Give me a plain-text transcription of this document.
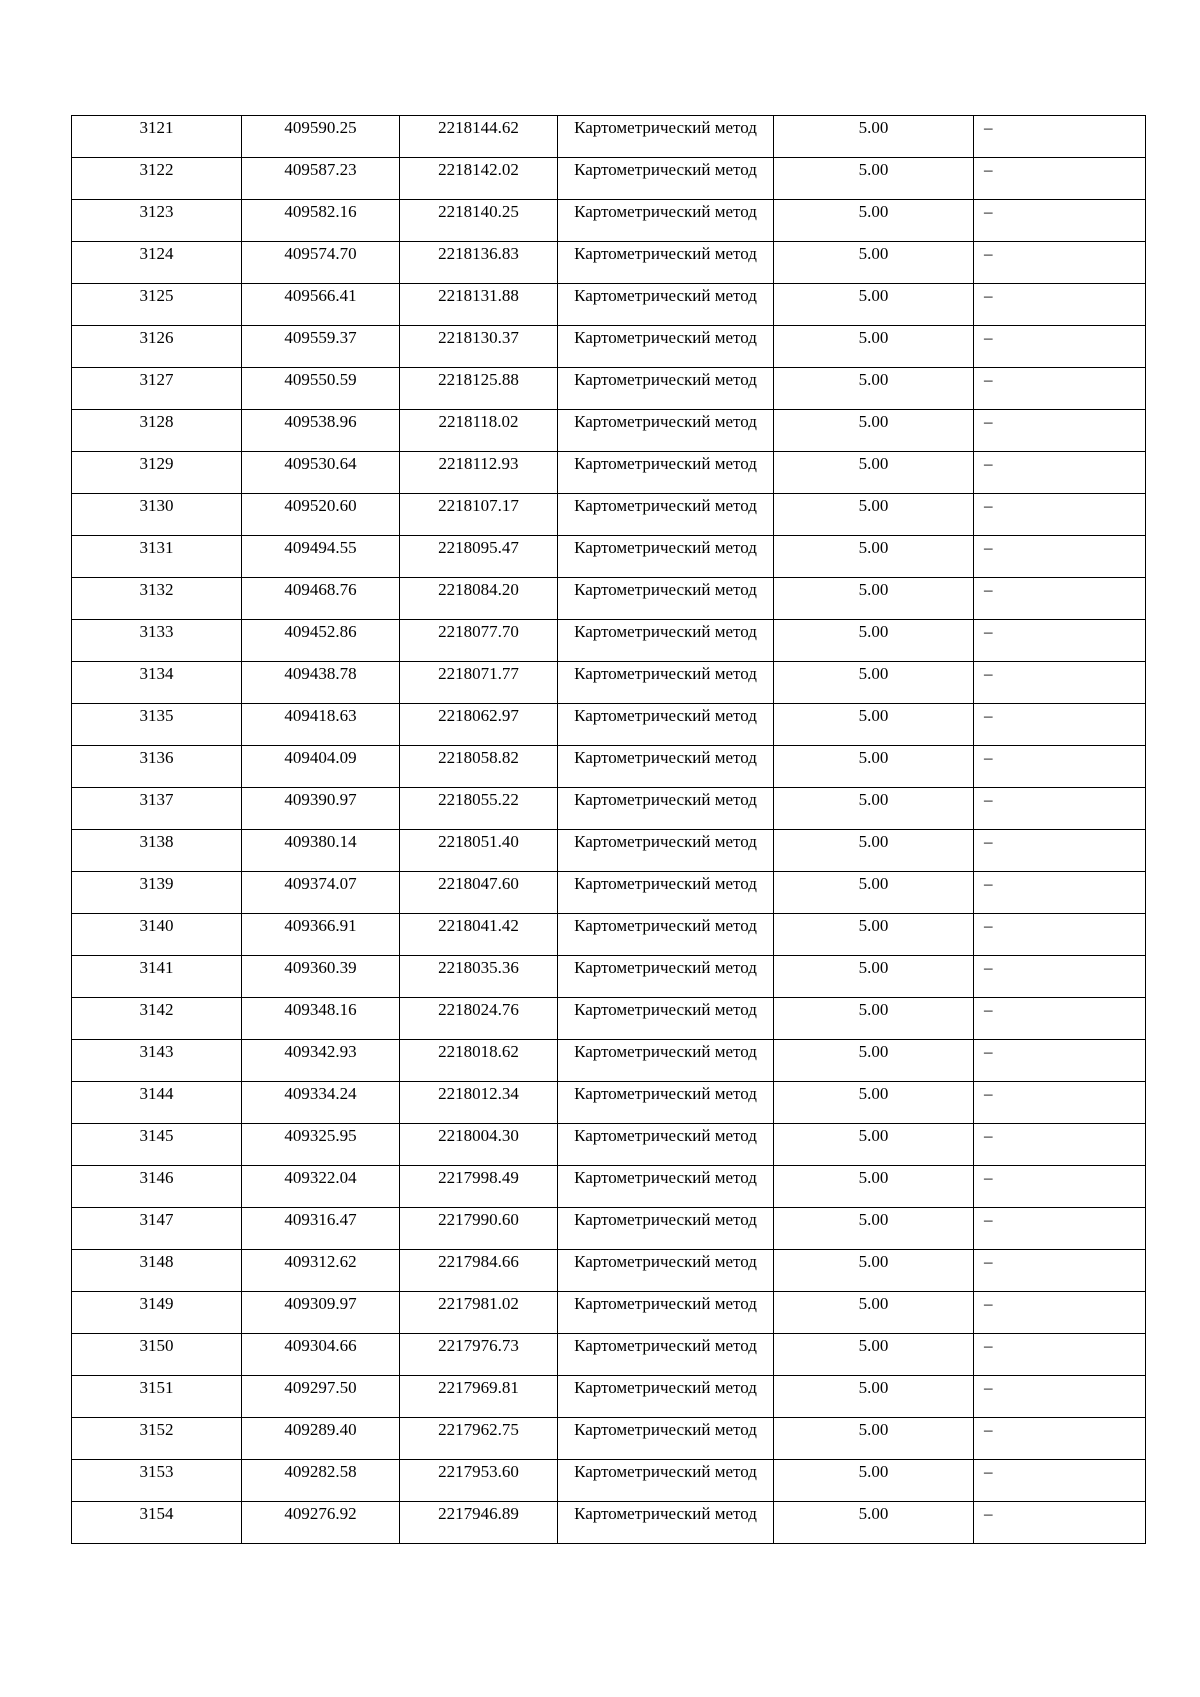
3121	409590.25	2218144.62	Картометрический метод	5.00	–
3122	409587.23	2218142.02	Картометрический метод	5.00	–
3123	409582.16	2218140.25	Картометрический метод	5.00	–
3124	409574.70	2218136.83	Картометрический метод	5.00	–
3125	409566.41	2218131.88	Картометрический метод	5.00	–
3126	409559.37	2218130.37	Картометрический метод	5.00	–
3127	409550.59	2218125.88	Картометрический метод	5.00	–
3128	409538.96	2218118.02	Картометрический метод	5.00	–
3129	409530.64	2218112.93	Картометрический метод	5.00	–
3130	409520.60	2218107.17	Картометрический метод	5.00	–
3131	409494.55	2218095.47	Картометрический метод	5.00	–
3132	409468.76	2218084.20	Картометрический метод	5.00	–
3133	409452.86	2218077.70	Картометрический метод	5.00	–
3134	409438.78	2218071.77	Картометрический метод	5.00	–
3135	409418.63	2218062.97	Картометрический метод	5.00	–
3136	409404.09	2218058.82	Картометрический метод	5.00	–
3137	409390.97	2218055.22	Картометрический метод	5.00	–
3138	409380.14	2218051.40	Картометрический метод	5.00	–
3139	409374.07	2218047.60	Картометрический метод	5.00	–
3140	409366.91	2218041.42	Картометрический метод	5.00	–
3141	409360.39	2218035.36	Картометрический метод	5.00	–
3142	409348.16	2218024.76	Картометрический метод	5.00	–
3143	409342.93	2218018.62	Картометрический метод	5.00	–
3144	409334.24	2218012.34	Картометрический метод	5.00	–
3145	409325.95	2218004.30	Картометрический метод	5.00	–
3146	409322.04	2217998.49	Картометрический метод	5.00	–
3147	409316.47	2217990.60	Картометрический метод	5.00	–
3148	409312.62	2217984.66	Картометрический метод	5.00	–
3149	409309.97	2217981.02	Картометрический метод	5.00	–
3150	409304.66	2217976.73	Картометрический метод	5.00	–
3151	409297.50	2217969.81	Картометрический метод	5.00	–
3152	409289.40	2217962.75	Картометрический метод	5.00	–
3153	409282.58	2217953.60	Картометрический метод	5.00	–
3154	409276.92	2217946.89	Картометрический метод	5.00	–
